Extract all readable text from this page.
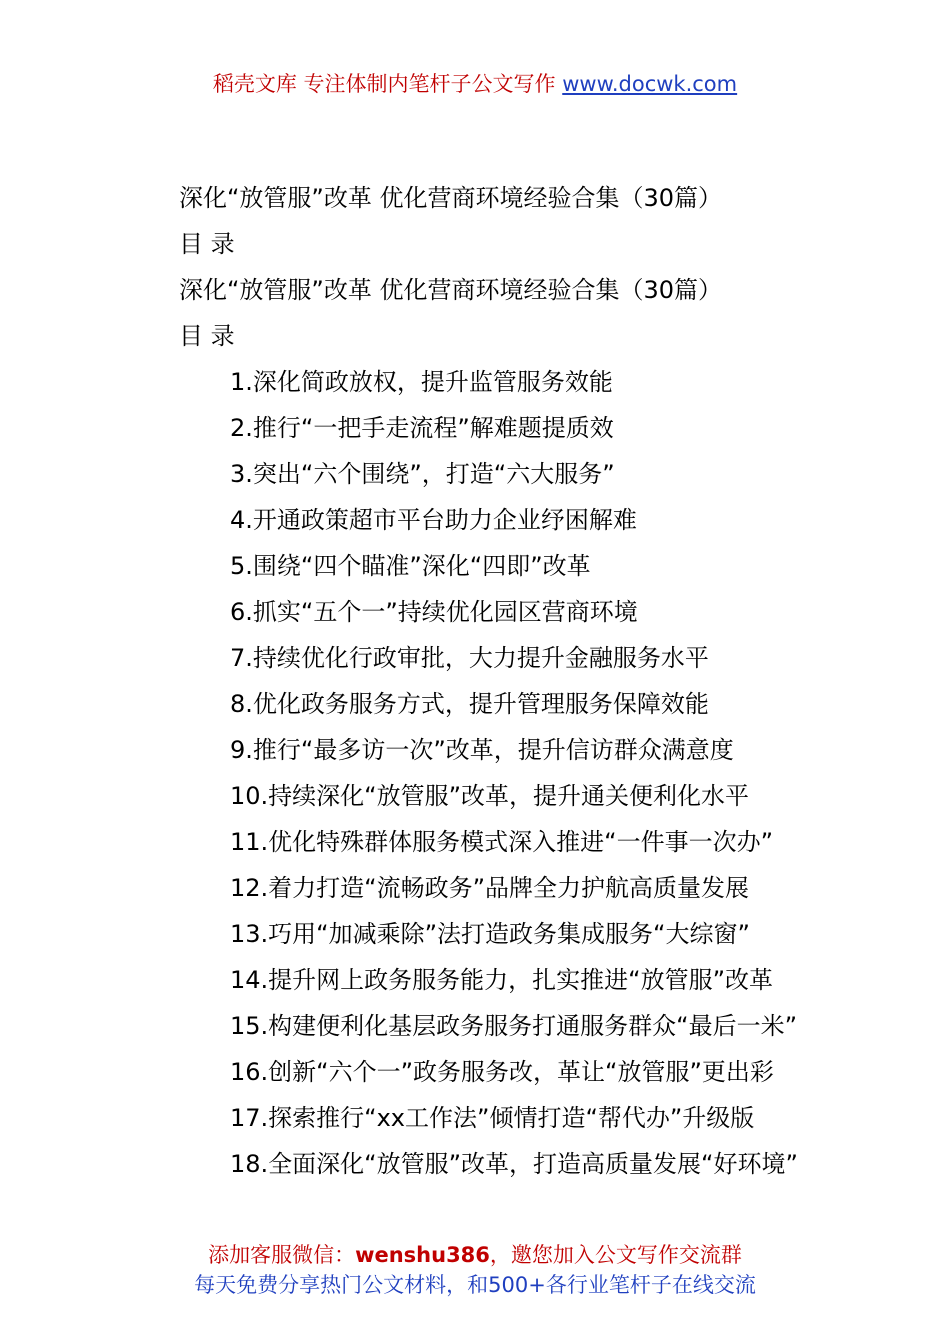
稻壳文库 专注体制内笔杆子公文写作 www.docwk.com
深化“放管服”改革 优化营商环境经验合集（30篇）
目 录
深化“放管服”改革 优化营商环境经验合集（30篇）
目 录
1.深化简政放权，提升监管服务效能
2.推行“一把手走流程”解难题提质效
3.突出“六个围绕”，打造“六大服务”
4.开通政策超市平台助力企业纾困解难
5.围绕“四个瞄准”深化“四即”改革
6.抓实“五个一”持续优化园区营商环境
7.持续优化行政审批，大力提升金融服务水平
8.优化政务服务方式，提升管理服务保障效能
9.推行“最多访一次”改革，提升信访群众满意度
10.持续深化“放管服”改革，提升通关便利化水平
11.优化特殊群体服务模式深入推进“一件事一次办”
12.着力打造“流畅政务”品牌全力护航高质量发展
13.巧用“加减乘除”法打造政务集成服务“大综窗”
14.提升网上政务服务能力，扎实推进“放管服”改革
15.构建便利化基层政务服务打通服务群众“最后一米”
16.创新“六个一”政务服务改，革让“放管服”更出彩
17.探索推行“xx工作法”倾情打造“帮代办”升级版
18.全面深化“放管服”改革，打造高质量发展“好环境”
添加客服微信：wenshu386，邀您加入公文写作交流群
每天免费分享热门公文材料，和500+各行业笔杆子在线交流
